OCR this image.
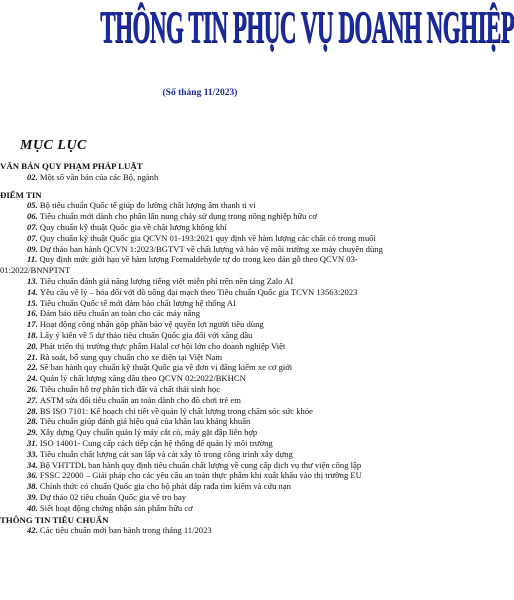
THÔNG TIN PHỤC VỤ DOANH NGHIỆP
(Số tháng 11/2023)
MỤC LỤC
VĂN BẢN QUY PHẠM PHÁP LUẬT
02. Một số văn bản của các Bộ, ngành
ĐIỂM TIN
05. Bộ tiêu chuẩn Quốc tế giúp đo lường chất lượng âm thanh ti vi
06. Tiêu chuẩn mới dành cho phân lân nung chảy sử dụng trong nông nghiệp hữu cơ
07. Quy chuẩn kỹ thuật Quốc gia về chất lượng không khí
07. Quy chuẩn kỹ thuật Quốc gia QCVN 01-193:2021 quy định về hàm lượng các chất có trong muối
09. Dự thảo ban hành QCVN 1:2023/BGTVT về chất lượng và bảo vệ môi trường xe máy chuyên dùng
11. Quy định mức giới hạn về hàm lượng Formaldehyde tự do trong keo dán gỗ theo QCVN 03-01:2022/BNNPTNT
13. Tiêu chuẩn đánh giá năng lượng tiếng việt miễn phí trên nền tảng Zalo AI
14. Yêu cầu về lý – hóa đối với đồ uống đại mạch theo Tiêu chuẩn Quốc gia TCVN 13563:2023
15. Tiêu chuẩn Quốc tế mới đảm bảo chất lượng hệ thống AI
16. Đảm bảo tiêu chuẩn an toàn cho các máy nâng
17. Hoạt động công nhận góp phần bảo vệ quyền lợi người tiêu dùng
18. Lấy ý kiến về 5 dự thảo tiêu chuẩn Quốc gia đối với xăng dầu
20. Phát triển thị trường thực phẩm Halal cơ hội lớn cho doanh nghiệp Việt
21. Rà soát, bổ sung quy chuẩn cho xe điện tại Việt Nam
22. Sẽ ban hành quy chuẩn kỹ thuật Quốc gia về đơn vị đăng kiểm xe cơ giới
24. Quản lý chất lượng xăng dầu theo QCVN 02:2022/BKHCN
26. Tiêu chuẩn hỗ trợ phân tích đất và chất thải sinh học
27. ASTM sửa đổi tiêu chuẩn an toàn dành cho đồ chơi trẻ em
28. BS ISO 7101: Kế hoạch chi tiết về quản lý chất lượng trong chăm sóc sức khỏe
28. Tiêu chuẩn giúp đánh giá hiệu quả của khăn lau kháng khuẩn
29. Xây dựng Quy chuẩn quản lý máy cắt cỏ, máy gặt đập liên hợp
31. ISO 14001- Cung cấp cách tiếp cận hệ thống để quản lý môi trường
33. Tiêu chuẩn chất lượng cát san lấp và cát xây tô trong công trình xây dựng
34. Bộ VHTTDL ban hành quy định tiêu chuẩn chất lượng về cung cấp dịch vụ thư viện công lập
36. FSSC 22000 – Giải pháp cho các yêu cầu an toàn thực phẩm khi xuất khẩu vào thị trường EU
38. Chính thức có chuẩn Quốc gia cho bộ phát đáp rađa tìm kiếm và cứu nạn
39. Dự thảo 02 tiêu chuẩn Quốc gia về tro bay
40. Siết hoạt động chứng nhận sản phẩm hữu cơ
THÔNG TIN TIÊU CHUẨN
42. Các tiêu chuẩn mới ban hành trong tháng 11/2023
